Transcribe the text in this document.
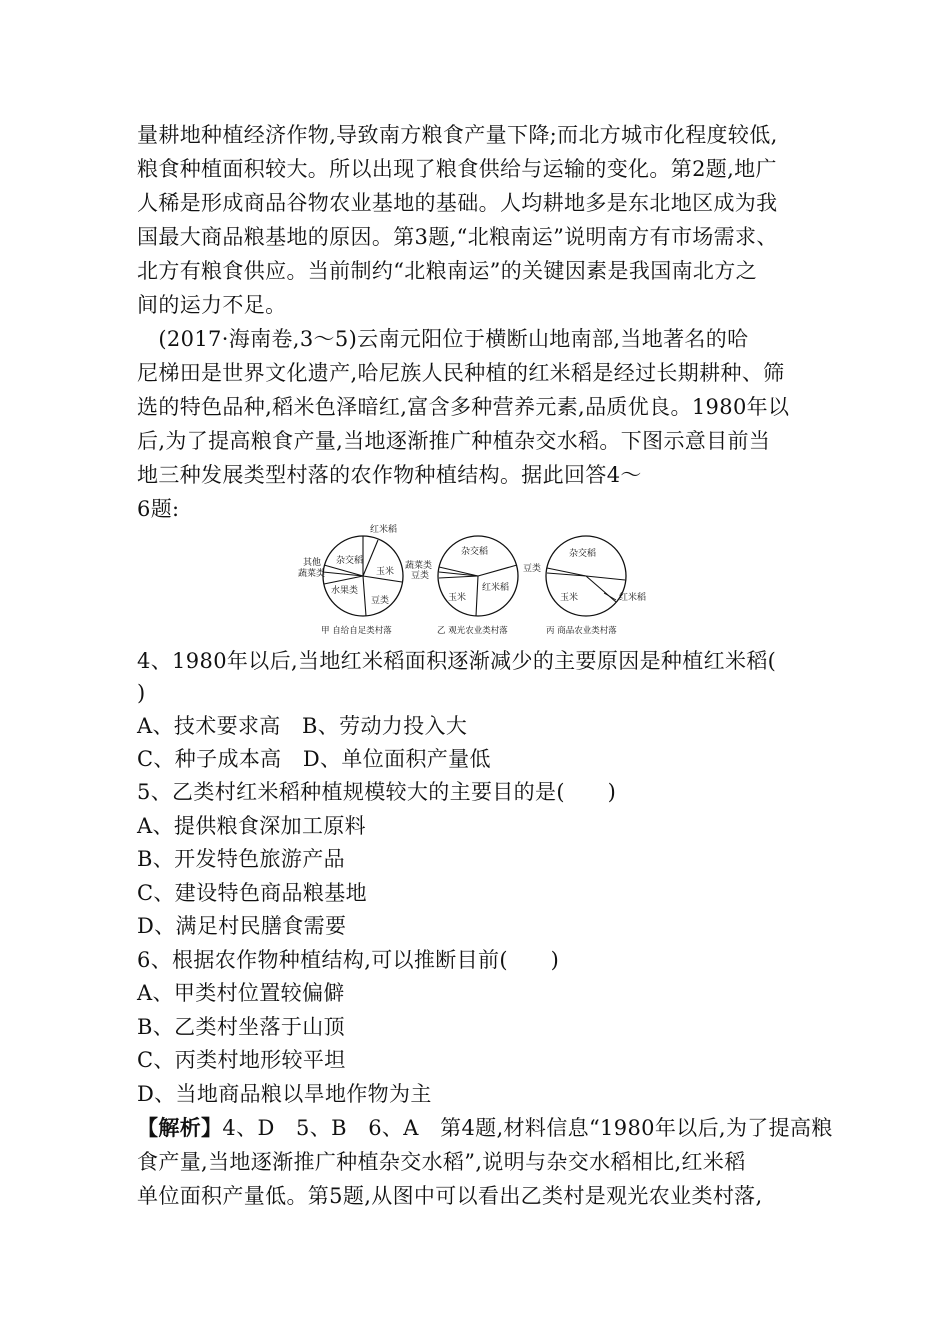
量耕地种植经济作物,导致南方粮食产量下降;而北方城市化程度较低,
粮食种植面积较大。所以出现了粮食供给与运输的变化。第2题,地广
人稀是形成商品谷物农业基地的基础。人均耕地多是东北地区成为我
国最大商品粮基地的原因。第3题,“北粮南运”说明南方有市场需求、
北方有粮食供应。当前制约“北粮南运”的关键因素是我国南北方之
间的运力不足。
　(2017·海南卷,3～5)云南元阳位于横断山地南部,当地著名的哈
尼梯田是世界文化遗产,哈尼族人民种植的红米稻是经过长期耕种、筛
选的特色品种,稻米色泽暗红,富含多种营养元素,品质优良。1980年以
后,为了提高粮食产量,当地逐渐推广种植杂交水稻。下图示意目前当
地三种发展类型村落的农作物种植结构。据此回答4～
6题:
红米稻
杂交稻
玉米
其他
蔬菜类
水果类
豆类
甲 自给自足类村落
杂交稻
蔬菜类
豆类
红米稻
玉米
乙 观光农业类村落
杂交稻
豆类
玉米	红米稻
丙 商品农业类村落
4、1980年以后,当地红米稻面积逐渐减少的主要原因是种植红米稻(
)
A、技术要求高　B、劳动力投入大
C、种子成本高　D、单位面积产量低
5、乙类村红米稻种植规模较大的主要目的是(　　)
A、提供粮食深加工原料
B、开发特色旅游产品
C、建设特色商品粮基地
D、满足村民膳食需要
6、根据农作物种植结构,可以推断目前(　　)
A、甲类村位置较偏僻
B、乙类村坐落于山顶
C、丙类村地形较平坦
D、当地商品粮以旱地作物为主
【解析】4、D　5、B　6、A　第4题,材料信息“1980年以后,为了提高粮
食产量,当地逐渐推广种植杂交水稻”,说明与杂交水稻相比,红米稻
单位面积产量低。第5题,从图中可以看出乙类村是观光农业类村落,
